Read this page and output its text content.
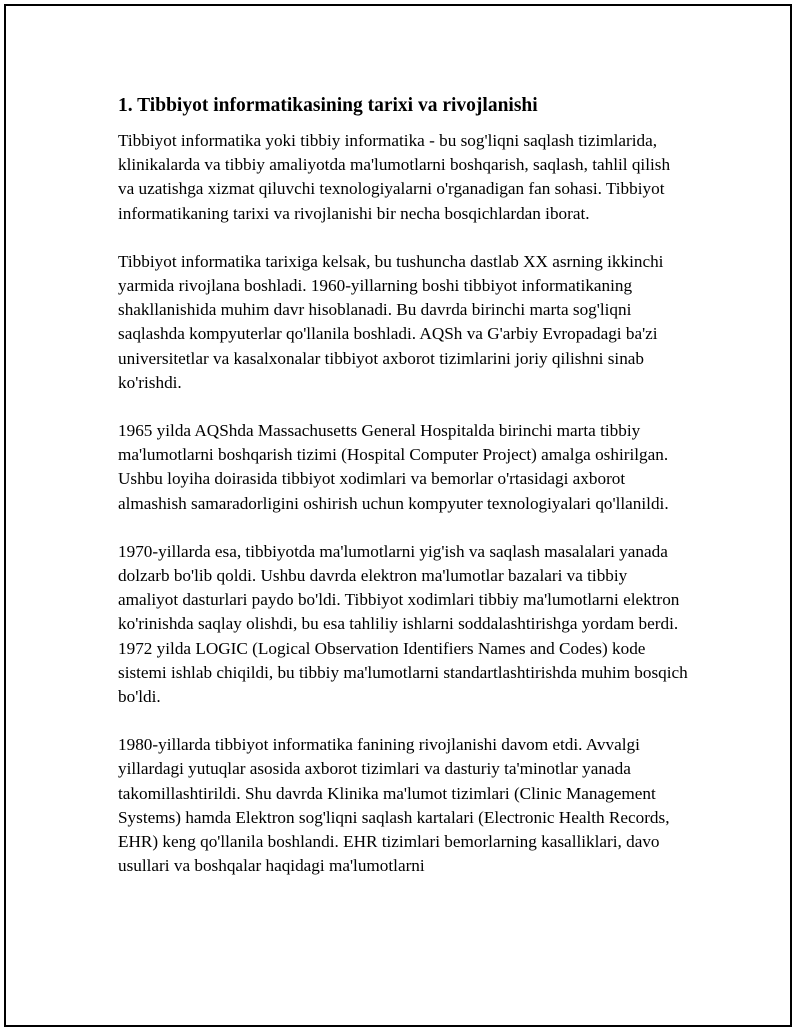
1. Tibbiyot informatikasining tarixi va rivojlanishi

Tibbiyot informatika yoki tibbiy informatika - bu sog'liqni saqlash tizimlarida, klinikalarda va tibbiy amaliyotda ma'lumotlarni boshqarish, saqlash, tahlil qilish va uzatishga xizmat qiluvchi texnologiyalarni o'rganadigan fan sohasi. Tibbiyot informatikaning tarixi va rivojlanishi bir necha bosqichlardan iborat.

Tibbiyot informatika tarixiga kelsak, bu tushuncha dastlab XX asrning ikkinchi yarmida rivojlana boshladi. 1960-yillarning boshi tibbiyot informatikaning shakllanishida muhim davr hisoblanadi. Bu davrda birinchi marta sog'liqni saqlashda kompyuterlar qo'llanila boshladi. AQSh va G'arbiy Evropadagi ba'zi universitetlar va kasalxonalar tibbiyot axborot tizimlarini joriy qilishni sinab ko'rishdi.

1965 yilda AQShda Massachusetts General Hospitalda birinchi marta tibbiy ma'lumotlarni boshqarish tizimi (Hospital Computer Project) amalga oshirilgan. Ushbu loyiha doirasida tibbiyot xodimlari va bemorlar o'rtasidagi axborot almashish samaradorligini oshirish uchun kompyuter texnologiyalari qo'llanildi.

1970-yillarda esa, tibbiyotda ma'lumotlarni yig'ish va saqlash masalalari yanada dolzarb bo'lib qoldi. Ushbu davrda elektron ma'lumotlar bazalari va tibbiy amaliyot dasturlari paydo bo'ldi. Tibbiyot xodimlari tibbiy ma'lumotlarni elektron ko'rinishda saqlay olishdi, bu esa tahliliy ishlarni soddalashtirishga yordam berdi. 1972 yilda LOGIC (Logical Observation Identifiers Names and Codes) kode sistemi ishlab chiqildi, bu tibbiy ma'lumotlarni standartlashtirishda muhim bosqich bo'ldi.

1980-yillarda tibbiyot informatika fanining rivojlanishi davom etdi. Avvalgi yillardagi yutuqlar asosida axborot tizimlari va dasturiy ta'minotlar yanada takomillashtirildi. Shu davrda Klinika ma'lumot tizimlari (Clinic Management Systems) hamda Elektron sog'liqni saqlash kartalari (Electronic Health Records, EHR) keng qo'llanila boshlandi. EHR tizimlari bemorlarning kasalliklari, davo usullari va boshqalar haqidagi ma'lumotlarni
